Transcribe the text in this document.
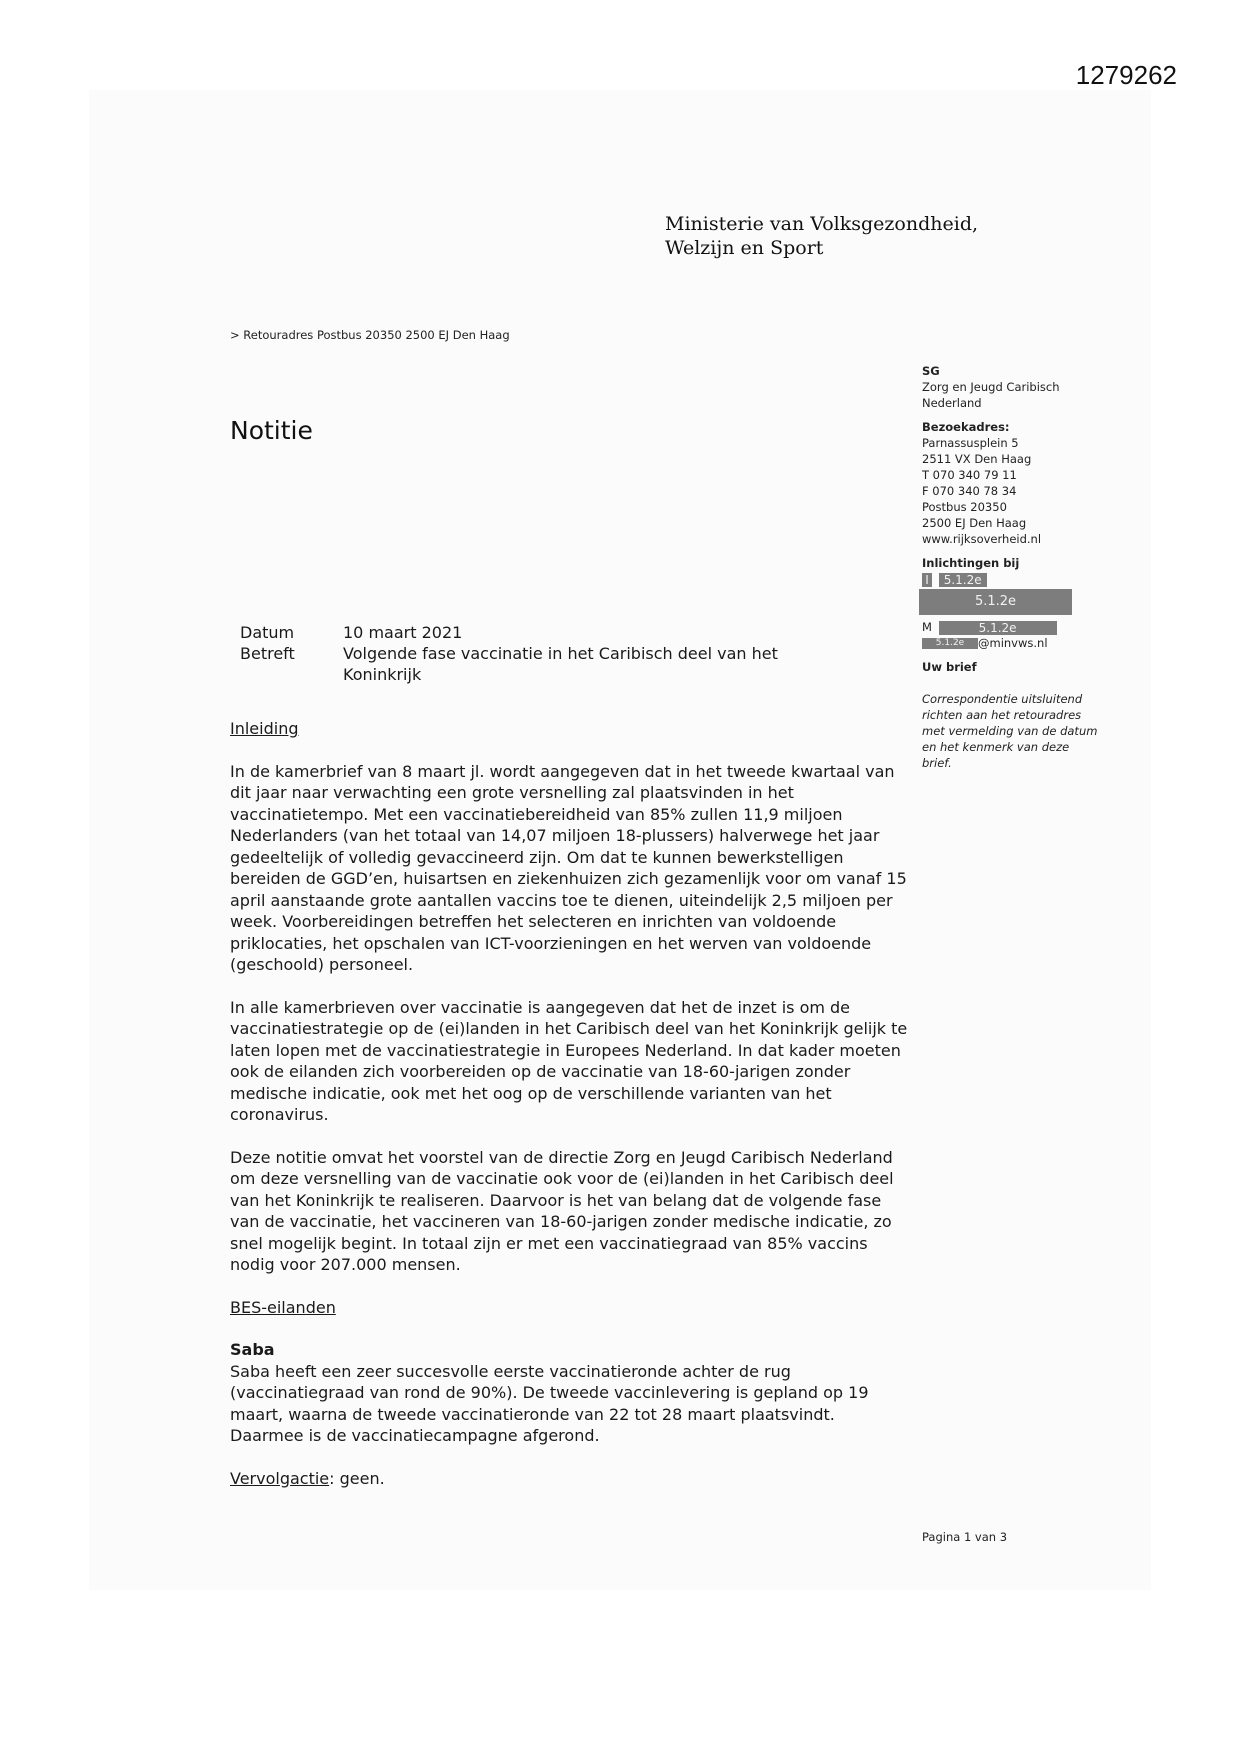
1279262
Ministerie van Volksgezondheid,
Welzijn en Sport
> Retouradres Postbus 20350 2500 EJ Den Haag
Notitie
SG
Zorg en Jeugd Caribisch
Nederland
Bezoekadres:
Parnassusplein 5
2511 VX Den Haag
T 070 340 79 11
F 070 340 78 34
Postbus 20350
2500 EJ Den Haag
www.rijksoverheid.nl
Inlichtingen bij
I 5.1.2e
5.1.2e
M	5.1.2e
5.1.2e @minvws.nl
Uw brief
Correspondentie uitsluitend richten aan het retouradres met vermelding van de datum en het kenmerk van deze brief.
Datum	10 maart 2021
Betreft	Volgende fase vaccinatie in het Caribisch deel van het Koninkrijk

Inleiding

In de kamerbrief van 8 maart jl. wordt aangegeven dat in het tweede kwartaal van dit jaar naar verwachting een grote versnelling zal plaatsvinden in het vaccinatietempo. Met een vaccinatiebereidheid van 85% zullen 11,9 miljoen Nederlanders (van het totaal van 14,07 miljoen 18-plussers) halverwege het jaar gedeeltelijk of volledig gevaccineerd zijn. Om dat te kunnen bewerkstelligen bereiden de GGD’en, huisartsen en ziekenhuizen zich gezamenlijk voor om vanaf 15 april aanstaande grote aantallen vaccins toe te dienen, uiteindelijk 2,5 miljoen per week. Voorbereidingen betreffen het selecteren en inrichten van voldoende priklocaties, het opschalen van ICT-voorzieningen en het werven van voldoende (geschoold) personeel.

In alle kamerbrieven over vaccinatie is aangegeven dat het de inzet is om de vaccinatiestrategie op de (ei)landen in het Caribisch deel van het Koninkrijk gelijk te laten lopen met de vaccinatiestrategie in Europees Nederland. In dat kader moeten ook de eilanden zich voorbereiden op de vaccinatie van 18-60-jarigen zonder medische indicatie, ook met het oog op de verschillende varianten van het coronavirus.

Deze notitie omvat het voorstel van de directie Zorg en Jeugd Caribisch Nederland om deze versnelling van de vaccinatie ook voor de (ei)landen in het Caribisch deel van het Koninkrijk te realiseren. Daarvoor is het van belang dat de volgende fase van de vaccinatie, het vaccineren van 18-60-jarigen zonder medische indicatie, zo snel mogelijk begint. In totaal zijn er met een vaccinatiegraad van 85% vaccins nodig voor 207.000 mensen.

BES-eilanden

Saba

Saba heeft een zeer succesvolle eerste vaccinatieronde achter de rug (vaccinatiegraad van rond de 90%). De tweede vaccinlevering is gepland op 19 maart, waarna de tweede vaccinatieronde van 22 tot 28 maart plaatsvindt. Daarmee is de vaccinatiecampagne afgerond.

Vervolgactie: geen.

Pagina 1 van 3
